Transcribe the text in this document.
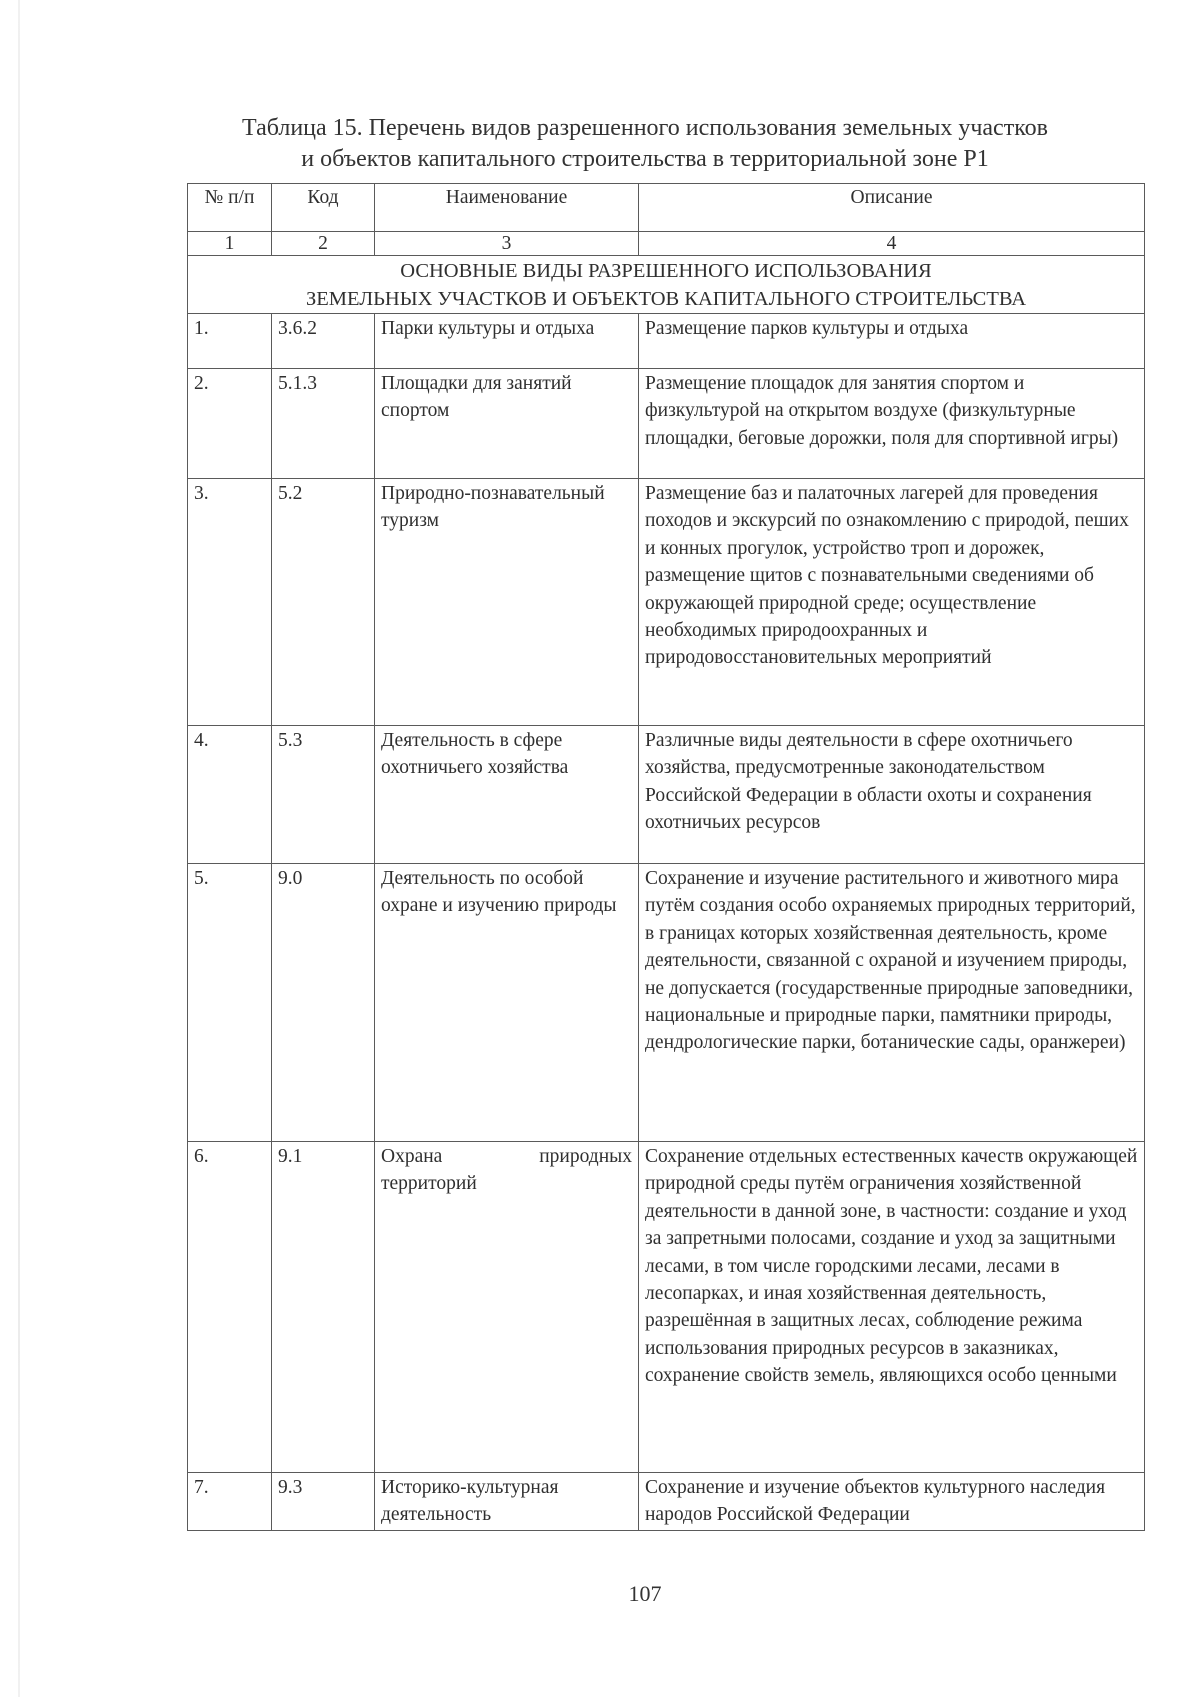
Таблица 15. Перечень видов разрешенного использования земельных участков
и объектов капитального строительства в территориальной зоне Р1
№ п/п	Код	Наименование	Описание
1	2	3	4

ОСНОВНЫЕ ВИДЫ РАЗРЕШЕННОГО ИСПОЛЬЗОВАНИЯ
ЗЕМЕЛЬНЫХ УЧАСТКОВ И ОБЪЕКТОВ КАПИТАЛЬНОГО СТРОИТЕЛЬСТВА			

1.	3.6.2	Парки культуры и отдыха	Размещение парков культуры и отдыха
2.	5.1.3	Площадки для занятий спортом	Размещение площадок для занятия спортом и физкультурой на открытом воздухе (физкультурные площадки, беговые дорожки, поля для спортивной игры)
3.	5.2	Природно-познавательный туризм	Размещение баз и палаточных лагерей для проведения походов и экскурсий по ознакомлению с природой, пеших и конных прогулок, устройство троп и дорожек, размещение щитов с познавательными сведениями об окружающей природной среде; осуществление необходимых природоохранных и природовосстановительных мероприятий
4.	5.3	Деятельность в сфере охотничьего хозяйства	Различные виды деятельности в сфере охотничьего хозяйства, предусмотренные законодательством Российской Федерации в области охоты и сохранения охотничьих ресурсов
5.	9.0	Деятельность по особой охране и изучению природы	Сохранение и изучение растительного и животного мира путём создания особо охраняемых природных территорий, в границах которых хозяйственная деятельность, кроме деятельности, связанной с охраной и изучением природы, не допускается (государственные природные заповедники, национальные и природные парки, памятники природы, дендрологические парки, ботанические сады, оранжереи)
6.	9.1	Охрана природных территорий	Сохранение отдельных естественных качеств окружающей природной среды путём ограничения хозяйственной деятельности в данной зоне, в частности: создание и уход за запретными полосами, создание и уход за защитными лесами, в том числе городскими лесами, лесами в лесопарках, и иная хозяйственная деятельность, разрешённая в защитных лесах, соблюдение режима использования природных ресурсов в заказниках, сохранение свойств земель, являющихся особо ценными
7.	9.3	Историко-культурная деятельность	Сохранение и изучение объектов культурного наследия народов Российской Федерации
107
